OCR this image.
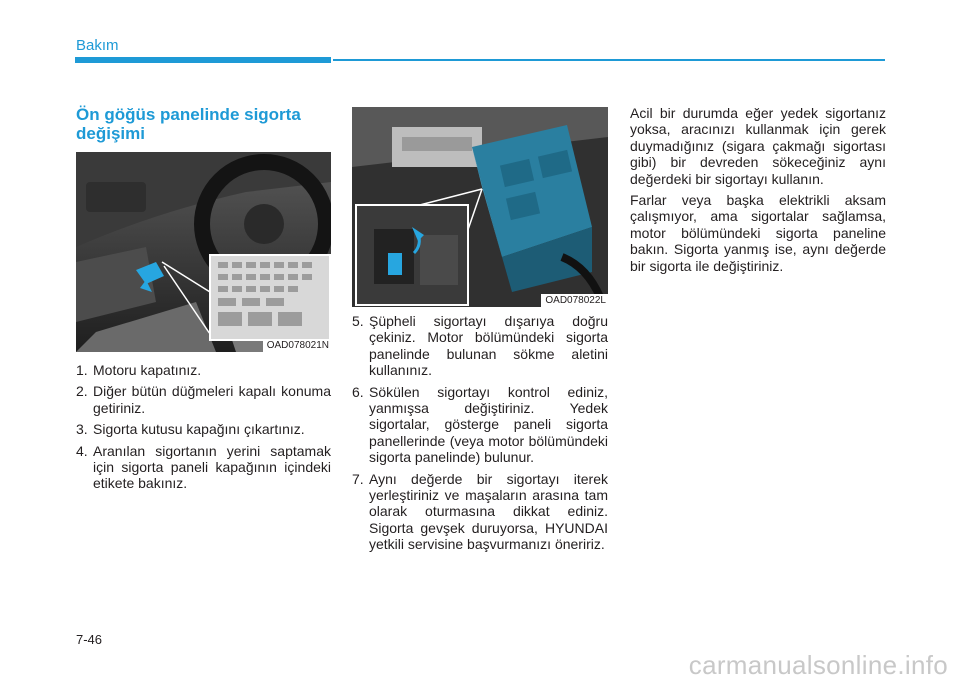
Bakım
Ön göğüs panelinde sigorta değişimi
OAD078021N
OAD078022L
1. Motoru kapatınız.
2. Diğer bütün düğmeleri kapalı konuma getiriniz.
3. Sigorta kutusu kapağını çıkartınız.
4. Aranılan sigortanın yerini saptamak için sigorta paneli kapağının içindeki etikete bakınız.
5. Şüpheli sigortayı dışarıya doğru çekiniz. Motor bölümündeki sigorta panelinde bulunan sökme aletini kullanınız.
6. Sökülen sigortayı kontrol ediniz, yanmışsa değiştiriniz. Yedek sigortalar, gösterge paneli sigorta panellerinde (veya motor bölümündeki sigorta panelinde) bulunur.
7. Aynı değerde bir sigortayı iterek yerleştiriniz ve maşaların arasına tam olarak oturmasına dikkat ediniz. Sigorta gevşek duruyorsa, HYUNDAI yetkili servisine başvurmanızı öneririz.

Acil bir durumda eğer yedek sigortanız yoksa, aracınızı kullanmak için gerek duymadığınız (sigara çakmağı sigortası gibi) bir devreden sökeceğiniz aynı değerdeki bir sigortayı kullanın.

Farlar veya başka elektrikli aksam çalışmıyor, ama sigortalar sağlamsa, motor bölümündeki sigorta paneline bakın. Sigorta yanmış ise, aynı değerde bir sigorta ile değiştiriniz.

7-46
carmanualsonline.info
